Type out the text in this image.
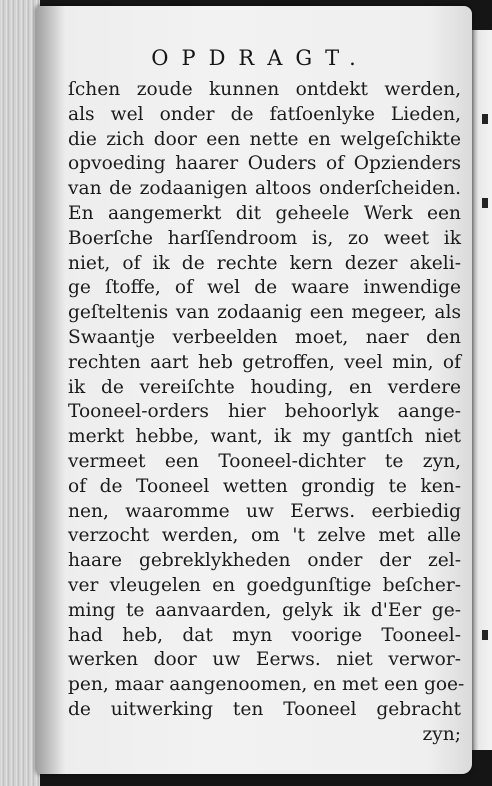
OPDRAGT.
ſchen zoude kunnen ontdekt werden,
als wel onder de fatſoenlyke Lieden,
die zich door een nette en welgeſchikte
opvoeding haarer Ouders of Opzienders
van de zodaanigen altoos onderſcheiden.
En aangemerkt dit geheele Werk een
Boerſche harſſendroom is, zo weet ik
niet, of ik de rechte kern dezer akeli-
ge ſtoffe, of wel de waare inwendige
geſteltenis van zodaanig een megeer, als
Swaantje verbeelden moet, naer den
rechten aart heb getroffen, veel min, of
ik de vereiſchte houding, en verdere
Tooneel-orders hier behoorlyk aange-
merkt hebbe, want, ik my gantſch niet
vermeet een Tooneel-dichter te zyn,
of de Tooneel wetten grondig te ken-
nen, waaromme uw Eerws. eerbiedig
verzocht werden, om 't zelve met alle
haare gebreklykheden onder der zel-
ver vleugelen en goedgunſtige beſcher-
ming te aanvaarden, gelyk ik d'Eer ge-
had heb, dat myn voorige Tooneel-
werken door uw Eerws. niet verwor-
pen, maar aangenoomen, en met een goe-
de uitwerking ten Tooneel gebracht
zyn;
